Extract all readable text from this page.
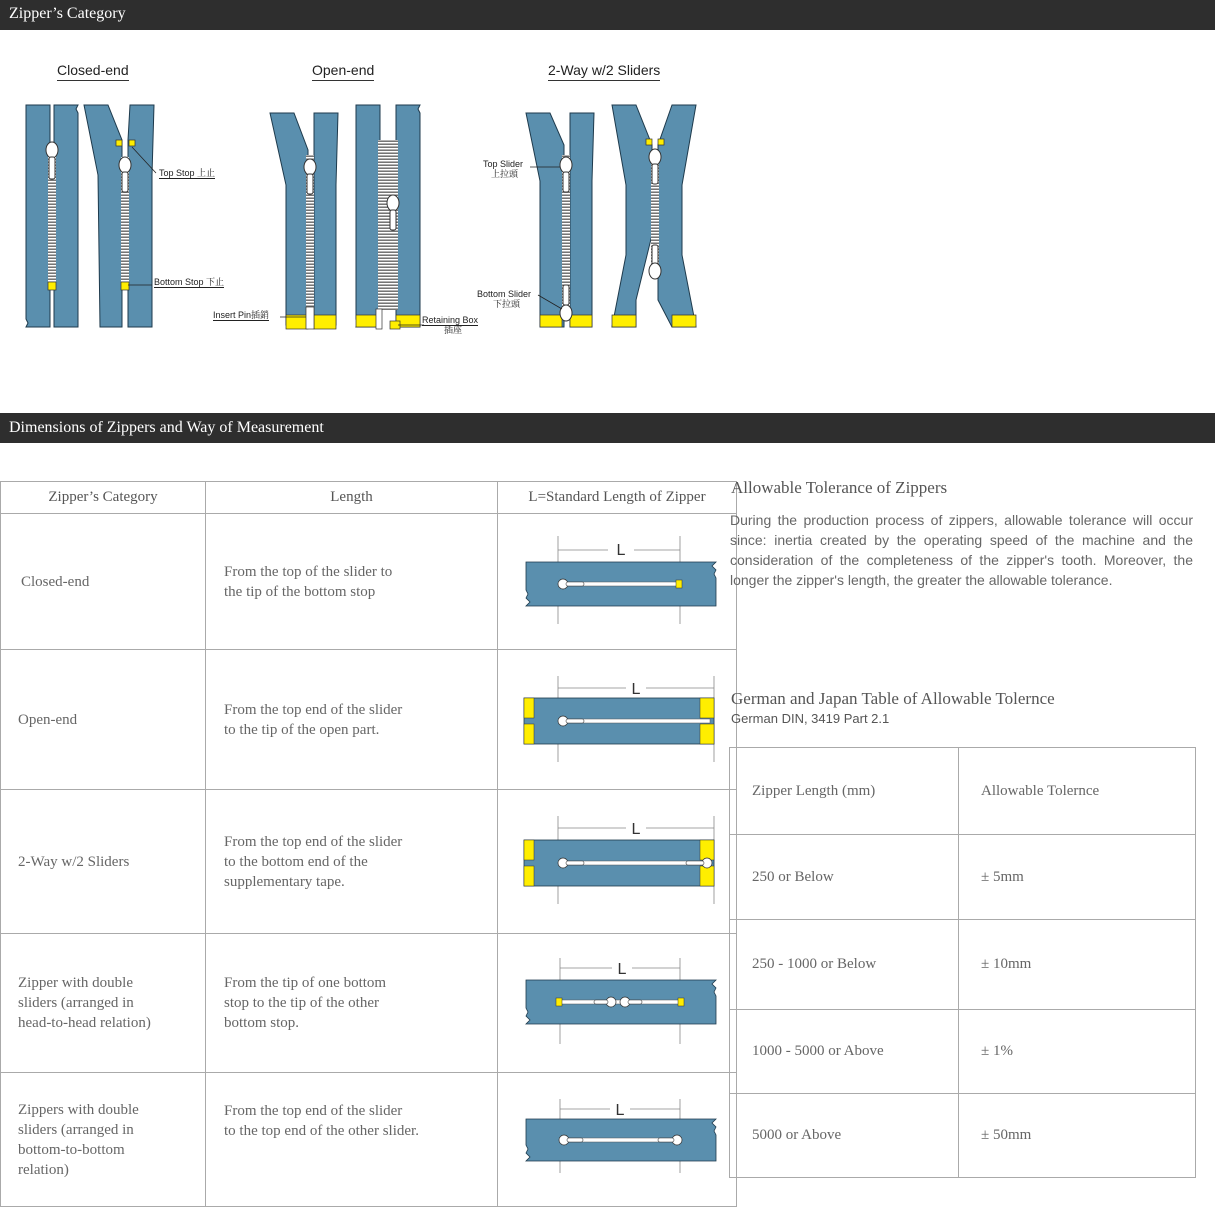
Zipper’s Category
Closed-end	Open-end	2-Way w/2 Sliders
Top Stop 上止
Bottom Stop 下止
Insert Pin插銷	Retaining Box
插座
Top Slider
上拉頭
Bottom Slider
下拉頭
Dimensions of Zippers and Way of Measurement
Zipper’s Category	Length	L=Standard Length of Zipper
Closed-end	From the top of the slider to
the tip of the bottom stop	L

Open-end	From the top end of the slider
to the tip of the open part.	L

2-Way w/2 Sliders	From the top end of the slider
to the bottom end of the
supplementary tape.	L

Zipper with double
sliders (arranged in
head-to-head relation)	From the tip of one bottom
stop to the tip of the other
bottom stop.	L

Zippers with double
sliders (arranged in
bottom-to-bottom
relation)	From the top end of the slider
to the top end of the other slider.	L
Allowable Tolerance of Zippers
During the production process of zippers, allowable tolerance will occur since: inertia created by the operating speed of the machine and the consideration of the completeness of the zipper's tooth. Moreover, the longer the zipper's length, the greater the allowable tolerance.
German and Japan Table of Allowable Tolernce
German DIN, 3419 Part 2.1
Zipper Length (mm)	Allowable Tolernce
250 or Below	± 5mm
250 - 1000 or Below	± 10mm
1000 - 5000 or Above	± 1%
5000 or Above	± 50mm
